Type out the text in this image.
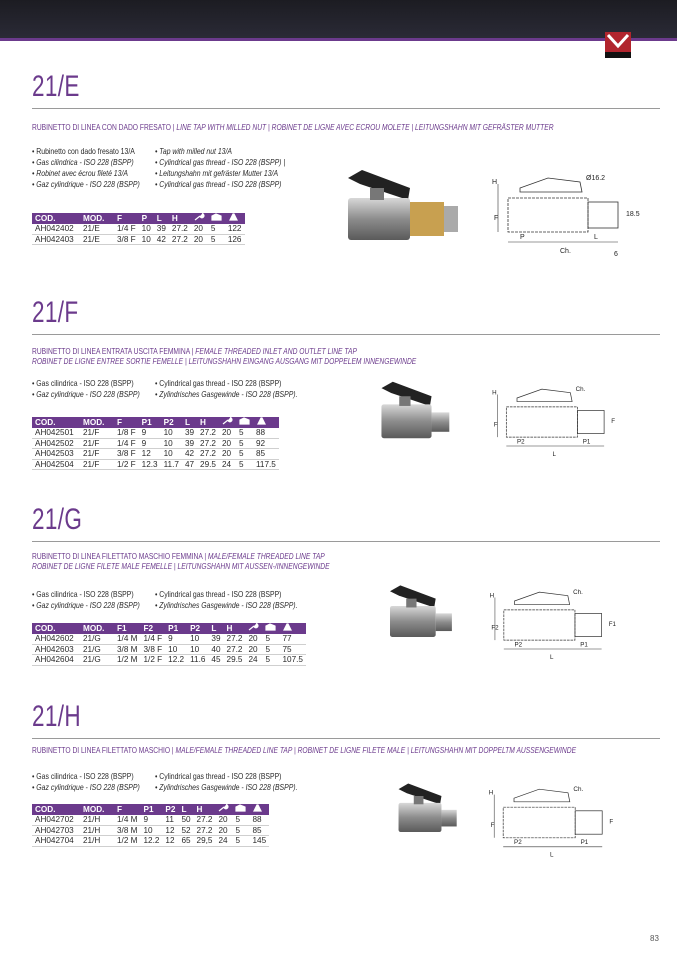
21/E
RUBINETTO DI LINEA CON DADO FRESATO | LINE TAP WITH MILLED NUT | ROBINET DE LIGNE AVEC ECROU MOLETE | LEITUNGSHAHN MIT GEFRÄSTER MUTTER
• Rubinetto con dado fresato 13/A • Tap with milled nut 13/A
• Gas cilindrica - ISO 228 (BSPP)	• Cylindrical gas thread - ISO 228 (BSPP) |
• Robinet avec écrou fileté 13/A	• Leitungshahn mit gefräster Mutter 13/A
• Gaz cylindrique - ISO 228 (BSPP) • Cylindrical gas thread - ISO 228 (BSPP)
COD.	MOD.	F	P	L	H			
AH042402	21/E	1/4 F	10	39	27.2	20	5	122
AH042403	21/E	3/8 F	10	42	27.2	20	5	126
21/F
RUBINETTO DI LINEA ENTRATA USCITA FEMMINA | FEMALE THREADED INLET AND OUTLET LINE TAP
ROBINET DE LIGNE ENTREE SORTIE FEMELLE | LEITUNGSHAHN EINGANG AUSGANG MIT DOPPELEM INNENGEWINDE
• Gas cilindrica - ISO 228 (BSPP)	• Cylindrical gas thread - ISO 228 (BSPP)
• Gaz cylindrique - ISO 228 (BSPP) • Zylindrisches Gasgewinde - ISO 228 (BSPP).
COD.	MOD.	F	P1	P2	L	H			
AH042501	21/F	1/8 F	9	10	39	27.2	20	5	88
AH042502	21/F	1/4 F	9	10	39	27.2	20	5	92
AH042503	21/F	3/8 F	12	10	42	27.2	20	5	85
AH042504	21/F	1/2 F	12.3	11.7	47	29.5	24	5	117.5
21/G
RUBINETTO DI LINEA FILETTATO MASCHIO FEMMINA | MALE/FEMALE THREADED LINE TAP
ROBINET DE LIGNE FILETE MALE FEMELLE | LEITUNGSHAHN MIT AUSSEN-/INNENGEWINDE
• Gas cilindrica - ISO 228 (BSPP)	• Cylindrical gas thread - ISO 228 (BSPP)
• Gaz cylindrique - ISO 228 (BSPP) • Zylindrisches Gasgewinde - ISO 228 (BSPP).
COD.	MOD.	F1	F2	P1	P2	L	H			
AH042602	21/G	1/4 M	1/4 F	9	10	39	27.2	20	5	77
AH042603	21/G	3/8 M	3/8 F	10	10	40	27.2	20	5	75
AH042604	21/G	1/2 M	1/2 F	12.2	11.6	45	29.5	24	5	107.5
21/H
RUBINETTO DI LINEA FILETTATO MASCHIO | MALE/FEMALE THREADED LINE TAP | ROBINET DE LIGNE FILETE MALE | LEITUNGSHAHN MIT DOPPELTM AUSSENGEWINDE
• Gas cilindrica - ISO 228 (BSPP)	• Cylindrical gas thread - ISO 228 (BSPP)
• Gaz cylindrique - ISO 228 (BSPP) • Zylindrisches Gasgewinde - ISO 228 (BSPP).
COD.	MOD.	F	P1	P2	L	H			
AH042702	21/H	1/4 M	9	11	50	27.2	20	5	88
AH042703	21/H	3/8 M	10	12	52	27.2	20	5	85
AH042704	21/H	1/2 M	12.2	12	65	29,5	24	5	145
83
H
F
P	L
Ch.
Ø16.2
18.5
6
H
F
P2	P1
L
Ch.
F
H
F2
P2	P1
L
Ch.
F1
H
F
P2	P1
L
Ch.
F
